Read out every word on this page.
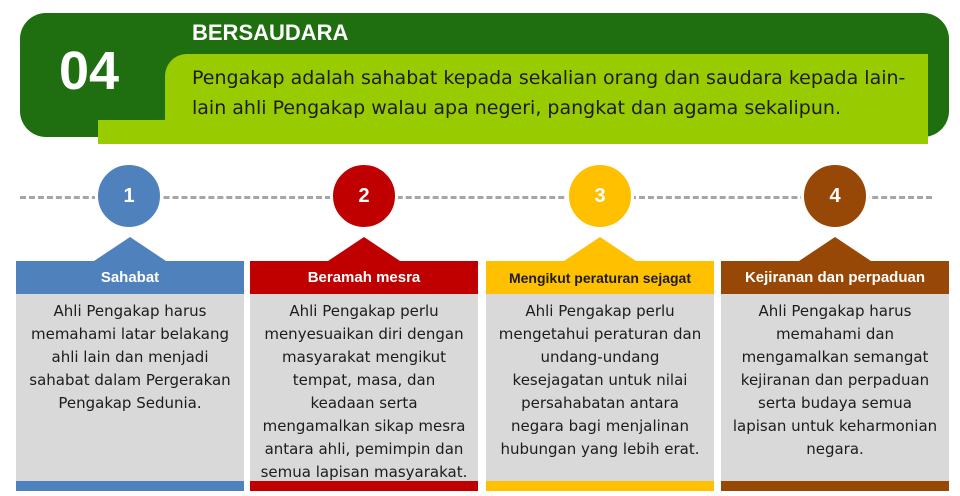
04
BERSAUDARA
Pengakap adalah sahabat kepada sekalian orang dan saudara kepada lain-lain ahli Pengakap walau apa negeri, pangkat dan agama sekalipun.
1	2	3	4
Sahabat
Ahli Pengakap harus memahami latar belakang ahli lain dan menjadi sahabat dalam Pergerakan Pengakap Sedunia.
Beramah mesra
Ahli Pengakap perlu menyesuaikan diri dengan masyarakat mengikut tempat, masa, dan keadaan serta mengamalkan sikap mesra antara ahli, pemimpin dan semua lapisan masyarakat.
Mengikut peraturan sejagat
Ahli Pengakap perlu mengetahui peraturan dan undang-undang kesejagatan untuk nilai persahabatan antara negara bagi menjalinan hubungan yang lebih erat.
Kejiranan dan perpaduan
Ahli Pengakap harus memahami dan mengamalkan semangat kejiranan dan perpaduan serta budaya semua lapisan untuk keharmonian negara.
